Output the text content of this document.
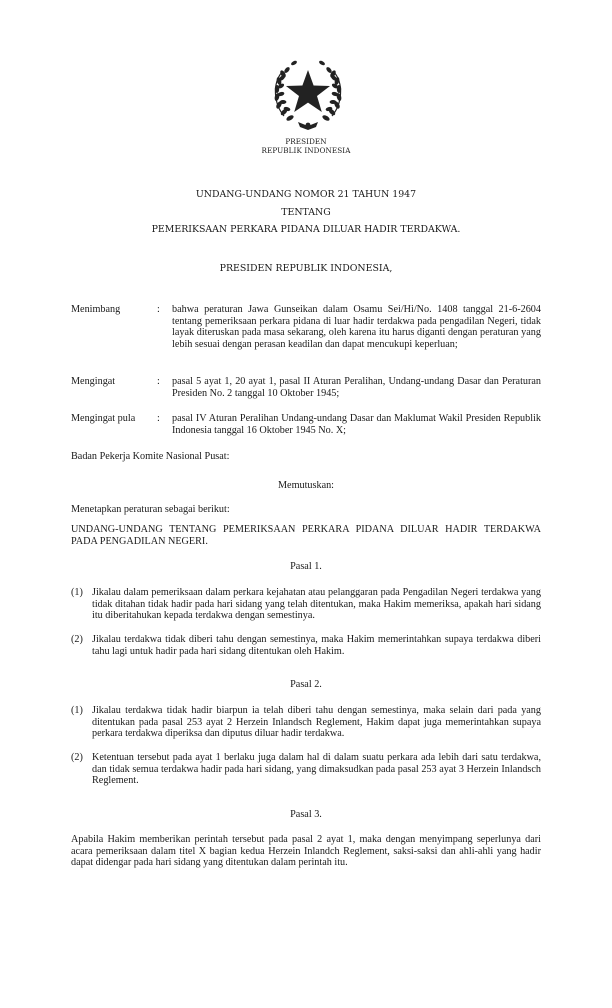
PRESIDEN
REPUBLIK INDONESIA
UNDANG-UNDANG NOMOR 21 TAHUN 1947
TENTANG
PEMERIKSAAN PERKARA PIDANA DILUAR HADIR TERDAKWA.
PRESIDEN REPUBLIK INDONESIA,
Menimbang	: bahwa peraturan Jawa Gunseikan dalam Osamu Sei/Hi/No. 1408 tanggal 21-6-2604 tentang pemeriksaan perkara pidana di luar hadir terdakwa pada pengadilan Negeri, tidak layak diteruskan pada masa sekarang, oleh karena itu harus diganti dengan peraturan yang lebih sesuai dengan perasan keadilan dan dapat mencukupi keperluan;
Mengingat	: pasal 5 ayat 1, 20 ayat 1, pasal II Aturan Peralihan, Undang-undang Dasar dan Peraturan Presiden No. 2 tanggal 10 Oktober 1945;
Mengingat pula	: pasal IV Aturan Peralihan Undang-undang Dasar dan Maklumat Wakil Presiden Republik Indonesia tanggal 16 Oktober 1945 No. X;
Badan Pekerja Komite Nasional Pusat:
Memutuskan:
Menetapkan peraturan sebagai berikut:
UNDANG-UNDANG TENTANG PEMERIKSAAN PERKARA PIDANA DILUAR HADIR TERDAKWA PADA PENGADILAN NEGERI.
Pasal 1.
(1) Jikalau dalam pemeriksaan dalam perkara kejahatan atau pelanggaran pada Pengadilan Negeri terdakwa yang tidak ditahan tidak hadir pada hari sidang yang telah ditentukan, maka Hakim memeriksa, apakah hari sidang itu diberitahukan kepada terdakwa dengan semestinya.
(2) Jikalau terdakwa tidak diberi tahu dengan semestinya, maka Hakim memerintahkan supaya terdakwa diberi tahu lagi untuk hadir pada hari sidang ditentukan oleh Hakim.
Pasal 2.
(1) Jikalau terdakwa tidak hadir biarpun ia telah diberi tahu dengan semestinya, maka selain dari pada yang ditentukan pada pasal 253 ayat 2 Herzein Inlandsch Reglement, Hakim dapat juga memerintahkan supaya perkara terdakwa diperiksa dan diputus diluar hadir terdakwa.
(2) Ketentuan tersebut pada ayat 1 berlaku juga dalam hal di dalam suatu perkara ada lebih dari satu terdakwa, dan tidak semua terdakwa hadir pada hari sidang, yang dimaksudkan pada pasal 253 ayat 3 Herzein Inlandsch Reglement.
Pasal 3.
Apabila Hakim memberikan perintah tersebut pada pasal 2 ayat 1, maka dengan menyimpang seperlunya dari acara pemeriksaan dalam titel X bagian kedua Herzein Inlandch Reglement, saksi-saksi dan ahli-ahli yang hadir dapat didengar pada hari sidang yang ditentukan dalam perintah itu.
